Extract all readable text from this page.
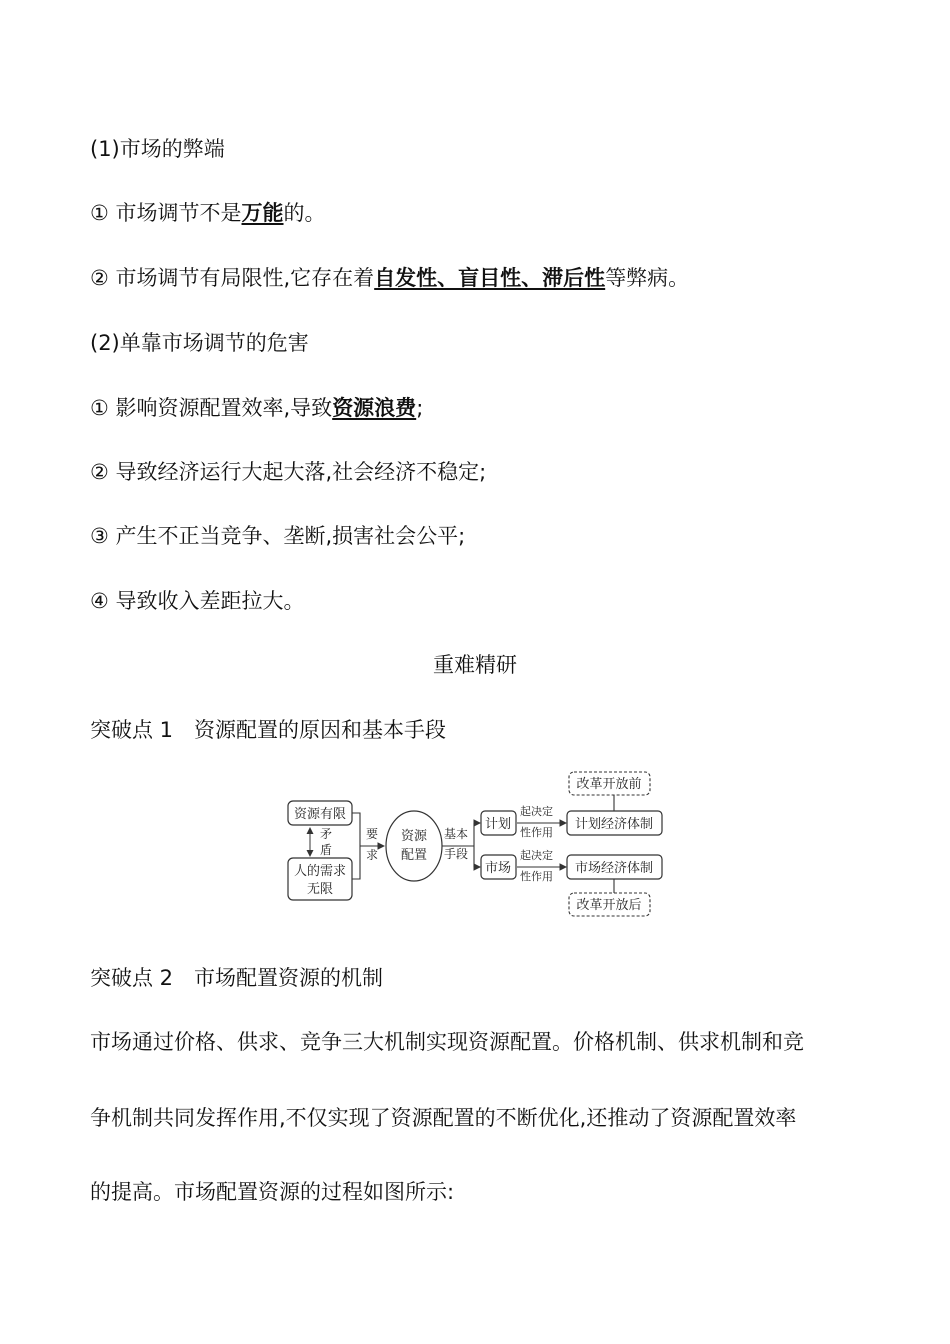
(1)市场的弊端
① 市场调节不是万能的。
② 市场调节有局限性,它存在着自发性、盲目性、滞后性等弊病。
(2)单靠市场调节的危害
① 影响资源配置效率,导致资源浪费;
② 导致经济运行大起大落,社会经济不稳定;
③ 产生不正当竞争、垄断,损害社会公平;
④ 导致收入差距拉大。
重难精研
突破点 1　资源配置的原因和基本手段
资源有限
矛
盾
人的需求
无限
要
求
资源
配置
基本
手段
计划
市场
起决定
性作用
起决定
性作用
计划经济体制
市场经济体制
改革开放前
改革开放后
突破点 2　市场配置资源的机制
市场通过价格、供求、竞争三大机制实现资源配置。价格机制、供求机制和竞
争机制共同发挥作用,不仅实现了资源配置的不断优化,还推动了资源配置效率
的提高。市场配置资源的过程如图所示:
